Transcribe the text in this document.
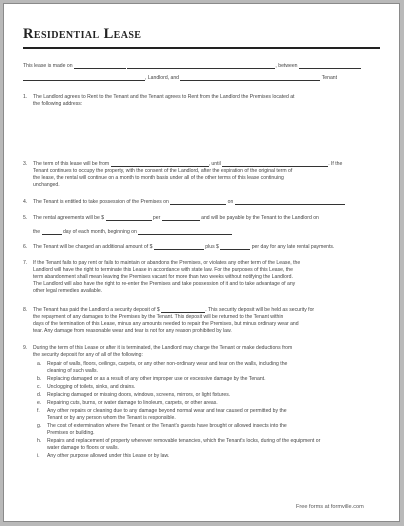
Residential Lease
This lease is made on	, between
, Landlord, and	Tenant
1. The Landlord agrees to Rent to the Tenant and the Tenant agrees to Rent from the Landlord the Premises located at
the following address:
3. The term of this lease will be from	, until	. If the
Tenant continues to occupy the property, with the consent of the Landlord, after the expiration of the original term of
the lease, the rental will continue on a month to month basis under all of the other terms of this lease continuing
unchanged.
4. The Tenant is entitled to take possession of the Premises on	on
5. The rental agreements will be $	per	and will be payable by the Tenant to the Landlord on
the	day of each month, beginning on
6. The Tenant will be charged an additional amount of $	plus $	per day for any late rental payments.
7. If the Tenant fails to pay rent or fails to maintain or abandons the Premises, or violates any other term of the Lease, the
Landlord will have the right to terminate this Lease in accordance with state law. For the purposes of this Lease, the
term abandonment shall mean leaving the Premises vacant for more than two weeks without notifying the Landlord.
The Landlord will also have the right to re-enter the Premises and take possession of it and to take advantage of any
other legal remedies available.
8. The Tenant has paid the Landlord a security deposit of $	. This security deposit will be held as security for
the repayment of any damages to the Premises by the Tenant. This deposit will be returned to the Tenant within
days of the termination of this Lease, minus any amounts needed to repair the Premises, but minus ordinary wear and
tear. Any damage from reasonable wear and tear is not for any reason prohibited by law.
9. During the term of this Lease or after it is terminated, the Landlord may charge the Tenant or make deductions from
the security deposit for any of all of the following:
a. Repair of walls, floors, ceilings, carpets, or any other non-ordinary wear and tear on the walls, including the
cleaning of such walls.
b. Replacing damaged or as a result of any other improper use or excessive damage by the Tenant.
c. Unclogging of toilets, sinks, and drains.
d. Replacing damaged or missing doors, windows, screens, mirrors, or light fixtures.
e. Repairing cuts, burns, or water damage to linoleum, carpets, or other areas.
f. Any other repairs or cleaning due to any damage beyond normal wear and tear caused or permitted by the
Tenant or by any person whom the Tenant is responsible.
g. The cost of extermination where the Tenant or the Tenant's guests have brought or allowed insects into the
Premises or building.
h. Repairs and replacement of property wherever removable tenancies, which the Tenant's locks, during of the equipment or
water damage to floors or walls.
i. Any other purpose allowed under this Lease or by law.
Free forms at formville.com
